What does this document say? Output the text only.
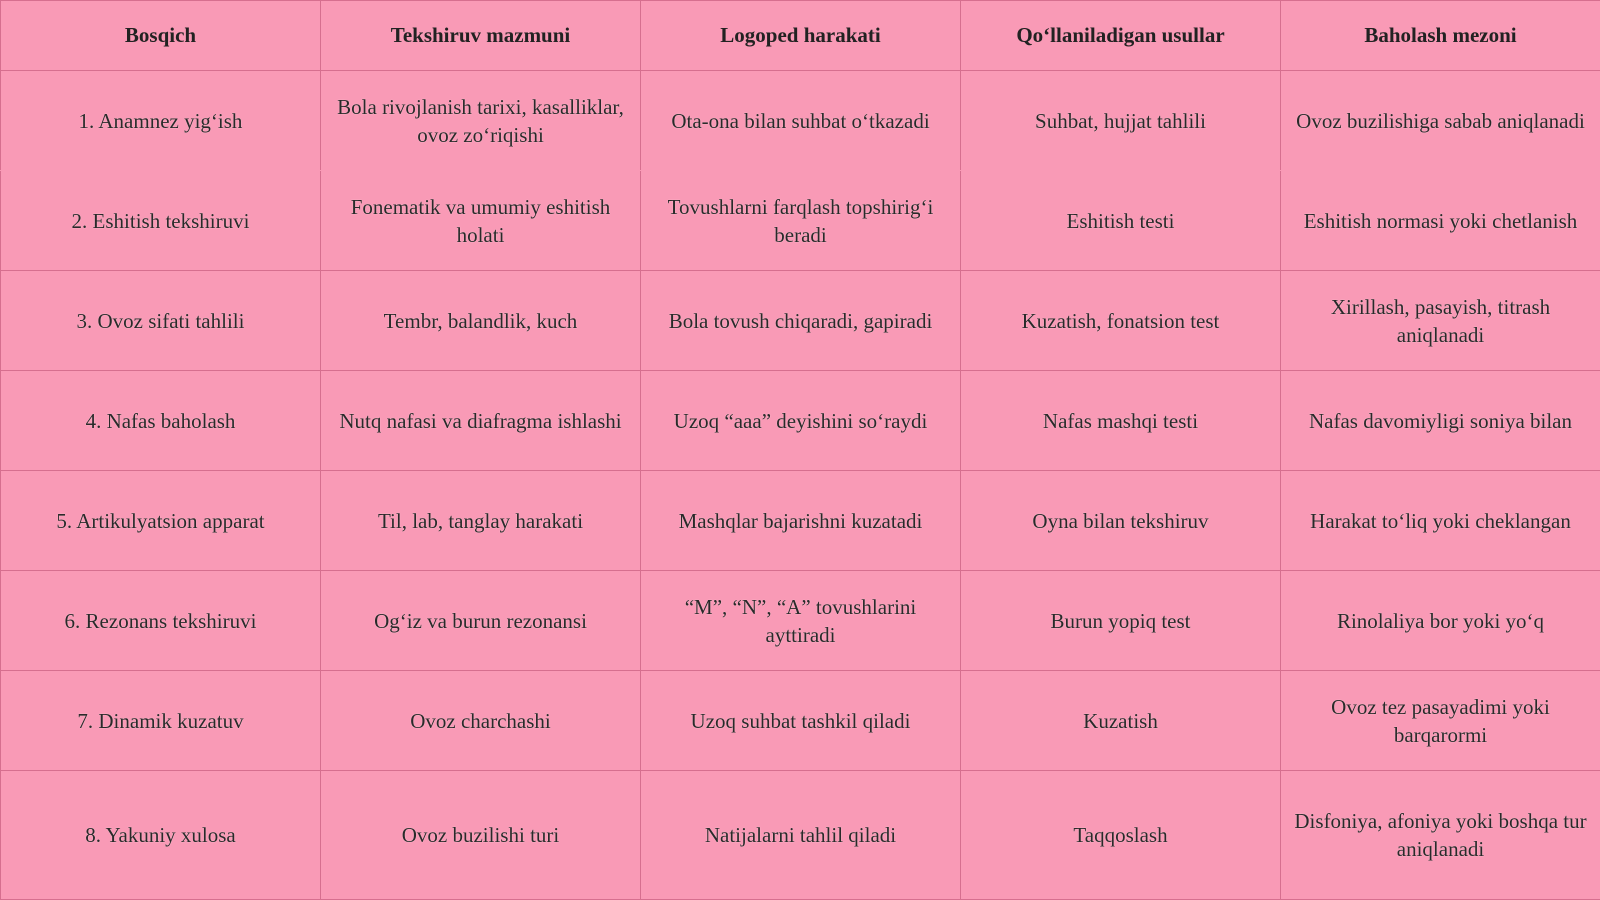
Bosqich	Tekshiruv mazmuni	Logoped harakati	Qo‘llaniladigan usullar	Baholash mezoni
1. Anamnez yig‘ish	Bola rivojlanish tarixi, kasalliklar, ovoz zo‘riqishi	Ota-ona bilan suhbat o‘tkazadi	Suhbat, hujjat tahlili	Ovoz buzilishiga sabab aniqlanadi
2. Eshitish tekshiruvi	Fonematik va umumiy eshitish holati	Tovushlarni farqlash topshirig‘i beradi	Eshitish testi	Eshitish normasi yoki chetlanish
3. Ovoz sifati tahlili	Tembr, balandlik, kuch	Bola tovush chiqaradi, gapiradi	Kuzatish, fonatsion test	Xirillash, pasayish, titrash aniqlanadi
4. Nafas baholash	Nutq nafasi va diafragma ishlashi	Uzoq “aaa” deyishini so‘raydi	Nafas mashqi testi	Nafas davomiyligi soniya bilan
5. Artikulyatsion apparat	Til, lab, tanglay harakati	Mashqlar bajarishni kuzatadi	Oyna bilan tekshiruv	Harakat to‘liq yoki cheklangan
6. Rezonans tekshiruvi	Og‘iz va burun rezonansi	“M”, “N”, “A” tovushlarini ayttiradi	Burun yopiq test	Rinolaliya bor yoki yo‘q
7. Dinamik kuzatuv	Ovoz charchashi	Uzoq suhbat tashkil qiladi	Kuzatish	Ovoz tez pasayadimi yoki barqarormi
8. Yakuniy xulosa	Ovoz buzilishi turi	Natijalarni tahlil qiladi	Taqqoslash	Disfoniya, afoniya yoki boshqa tur aniqlanadi
